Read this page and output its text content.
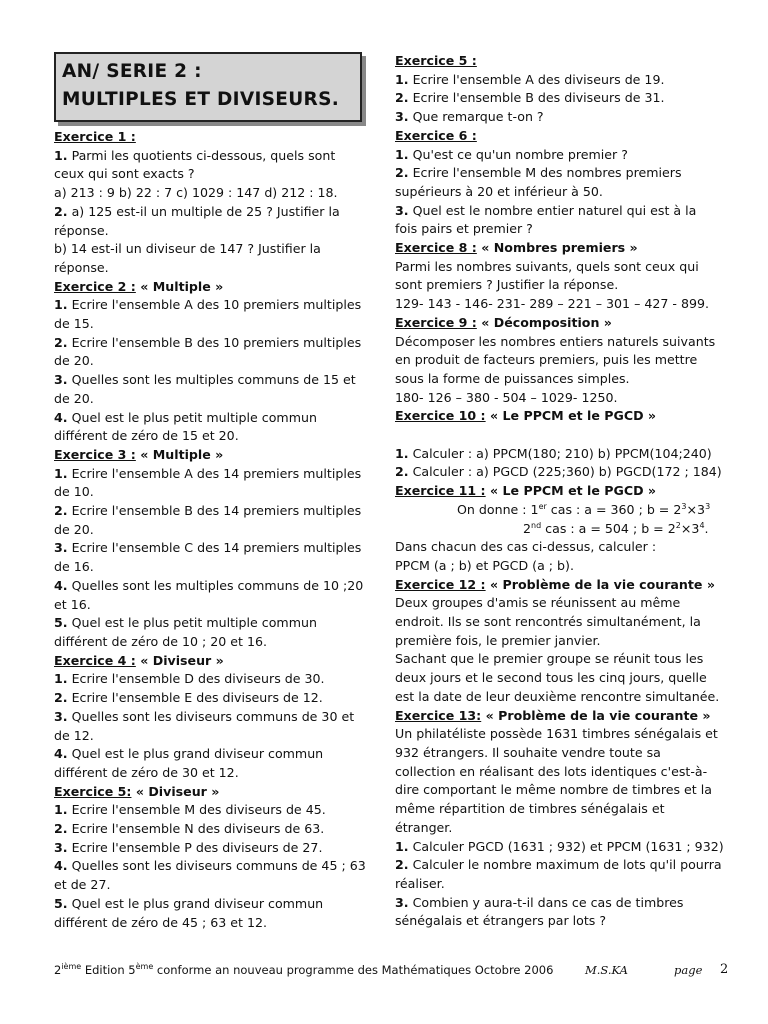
AN/ SERIE 2 :
MULTIPLES ET DIVISEURS.
Exercice 1 :
1. Parmi les quotients ci-dessous, quels sont
ceux qui sont exacts ?
a) 213 : 9 b) 22 : 7 c) 1029 : 147 d) 212 : 18.
2. a) 125 est-il un multiple de 25 ? Justifier la
réponse.
b) 14 est-il un diviseur de 147 ? Justifier la
réponse.
Exercice 2 : « Multiple »
1. Ecrire l'ensemble A des 10 premiers multiples
de 15.
2. Ecrire l'ensemble B des 10 premiers multiples
de 20.
3. Quelles sont les multiples communs de 15 et
de 20.
4. Quel est le plus petit multiple commun
différent de zéro de 15 et 20.
Exercice 3 : « Multiple »
1. Ecrire l'ensemble A des 14 premiers multiples
de 10.
2. Ecrire l'ensemble B des 14 premiers multiples
de 20.
3. Ecrire l'ensemble C des 14 premiers multiples
de 16.
4. Quelles sont les multiples communs de 10 ;20
et 16.
5. Quel est le plus petit multiple commun
différent de zéro de 10 ; 20 et 16.
Exercice 4 : « Diviseur »
1. Ecrire l'ensemble D des diviseurs de 30.
2. Ecrire l'ensemble E des diviseurs de 12.
3. Quelles sont les diviseurs communs de 30 et
de 12.
4. Quel est le plus grand diviseur commun
différent de zéro de 30 et 12.
Exercice 5: « Diviseur »
1. Ecrire l'ensemble M des diviseurs de 45.
2. Ecrire l'ensemble N des diviseurs de 63.
3. Ecrire l'ensemble P des diviseurs de 27.
4. Quelles sont les diviseurs communs de 45 ; 63
et de 27.
5. Quel est le plus grand diviseur commun
différent de zéro de 45 ; 63 et 12.
Exercice 5 :
1. Ecrire l'ensemble A des diviseurs de 19.
2. Ecrire l'ensemble B des diviseurs de 31.
3. Que remarque t-on ?
Exercice 6 :
1. Qu'est ce qu'un nombre premier ?
2. Ecrire l'ensemble M des nombres premiers
supérieurs à 20 et inférieur à 50.
3. Quel est le nombre entier naturel qui est à la
fois pairs et premier ?
Exercice 8 : « Nombres premiers »
Parmi les nombres suivants, quels sont ceux qui
sont premiers ? Justifier la réponse.
129- 143 - 146- 231- 289 – 221 – 301 – 427 - 899.
Exercice 9 : « Décomposition »
Décomposer les nombres entiers naturels suivants
en produit de facteurs premiers, puis les mettre
sous la forme de puissances simples.
180- 126 – 380 - 504 – 1029- 1250.
Exercice 10 : « Le PPCM et le PGCD »
1. Calculer : a) PPCM(180; 210) b) PPCM(104;240)
2. Calculer : a) PGCD (225;360) b) PGCD(172 ; 184)
Exercice 11 : « Le PPCM et le PGCD »
On donne : 1er cas : a = 360 ; $b = 2^3\times 3^3$
2nd cas : a = 504 ; $b = 2^2\times 3^4$.
Dans chacun des cas ci-dessus, calculer :
PPCM (a ; b) et PGCD (a ; b).
Exercice 12 : « Problème de la vie courante »
Deux groupes d'amis se réunissent au même
endroit. Ils se sont rencontrés simultanément, la
première fois, le premier janvier.
Sachant que le premier groupe se réunit tous les
deux jours et le second tous les cinq jours, quelle
est la date de leur deuxième rencontre simultanée.
Exercice 13: « Problème de la vie courante »
Un philatéliste possède 1631 timbres sénégalais et
932 étrangers. Il souhaite vendre toute sa
collection en réalisant des lots identiques c'est-à-
dire comportant le même nombre de timbres et la
même répartition de timbres sénégalais et
étranger.
1. Calculer PGCD (1631 ; 932) et PPCM (1631 ; 932)
2. Calculer le nombre maximum de lots qu'il pourra
réaliser.
3. Combien y aura-t-il dans ce cas de timbres
sénégalais et étrangers par lots ?
2ième Edition 5ème conforme an nouveau programme des Mathématiques Octobre 2006	M.S.KA	page 2
